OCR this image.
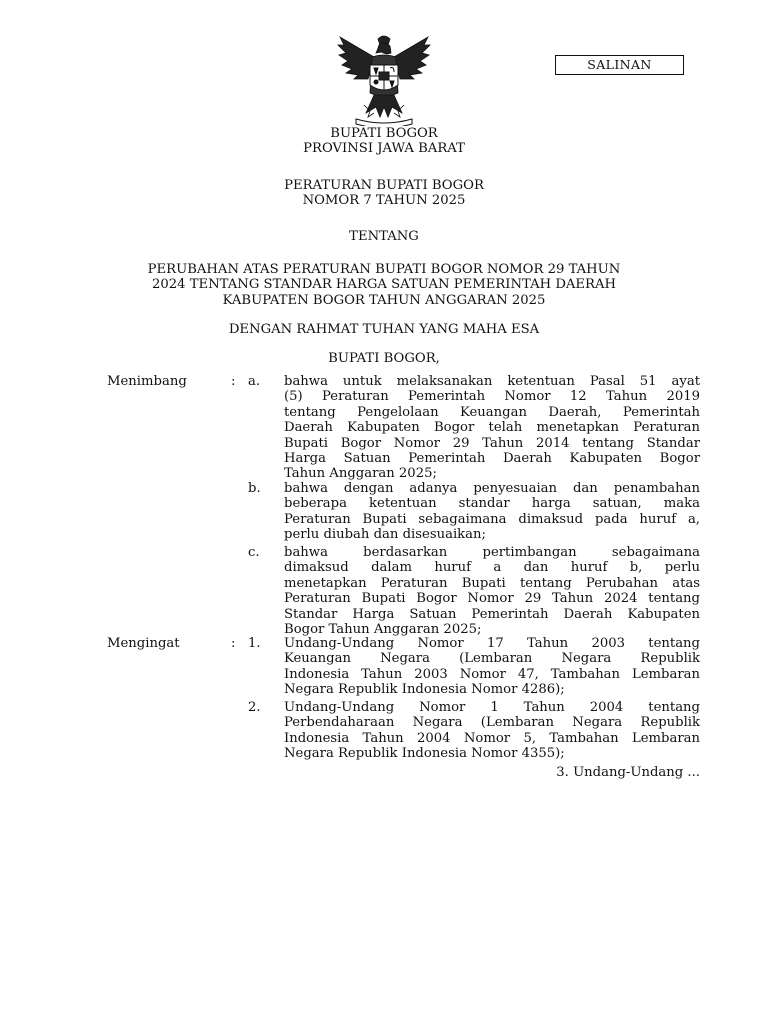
SALINAN
BUPATI BOGOR
PROVINSI JAWA BARAT
PERATURAN BUPATI BOGOR
NOMOR 7 TAHUN 2025
TENTANG
PERUBAHAN ATAS PERATURAN BUPATI BOGOR NOMOR 29 TAHUN
2024 TENTANG STANDAR HARGA SATUAN PEMERINTAH DAERAH
KABUPATEN BOGOR TAHUN ANGGARAN 2025
DENGAN RAHMAT TUHAN YANG MAHA ESA
BUPATI BOGOR,
Menimbang	: a. bahwa untuk melaksanakan ketentuan Pasal 51 ayat
(5) Peraturan Pemerintah Nomor 12 Tahun 2019
tentang Pengelolaan Keuangan Daerah, Pemerintah
Daerah Kabupaten Bogor telah menetapkan Peraturan
Bupati Bogor Nomor 29 Tahun 2014 tentang Standar
Harga Satuan Pemerintah Daerah Kabupaten Bogor
Tahun Anggaran 2025;
b. bahwa dengan adanya penyesuaian dan penambahan
beberapa ketentuan standar harga satuan, maka
Peraturan Bupati sebagaimana dimaksud pada huruf a,
perlu diubah dan disesuaikan;
c. bahwa berdasarkan pertimbangan sebagaimana
dimaksud dalam huruf a dan huruf b, perlu
menetapkan Peraturan Bupati tentang Perubahan atas
Peraturan Bupati Bogor Nomor 29 Tahun 2024 tentang
Standar Harga Satuan Pemerintah Daerah Kabupaten
Bogor Tahun Anggaran 2025;
Mengingat	: 1. Undang-Undang Nomor 17 Tahun 2003 tentang
Keuangan Negara (Lembaran Negara Republik
Indonesia Tahun 2003 Nomor 47, Tambahan Lembaran
Negara Republik Indonesia Nomor 4286);
2. Undang-Undang Nomor 1 Tahun 2004 tentang
Perbendaharaan Negara (Lembaran Negara Republik
Indonesia Tahun 2004 Nomor 5, Tambahan Lembaran
Negara Republik Indonesia Nomor 4355);
3. Undang-Undang ...
